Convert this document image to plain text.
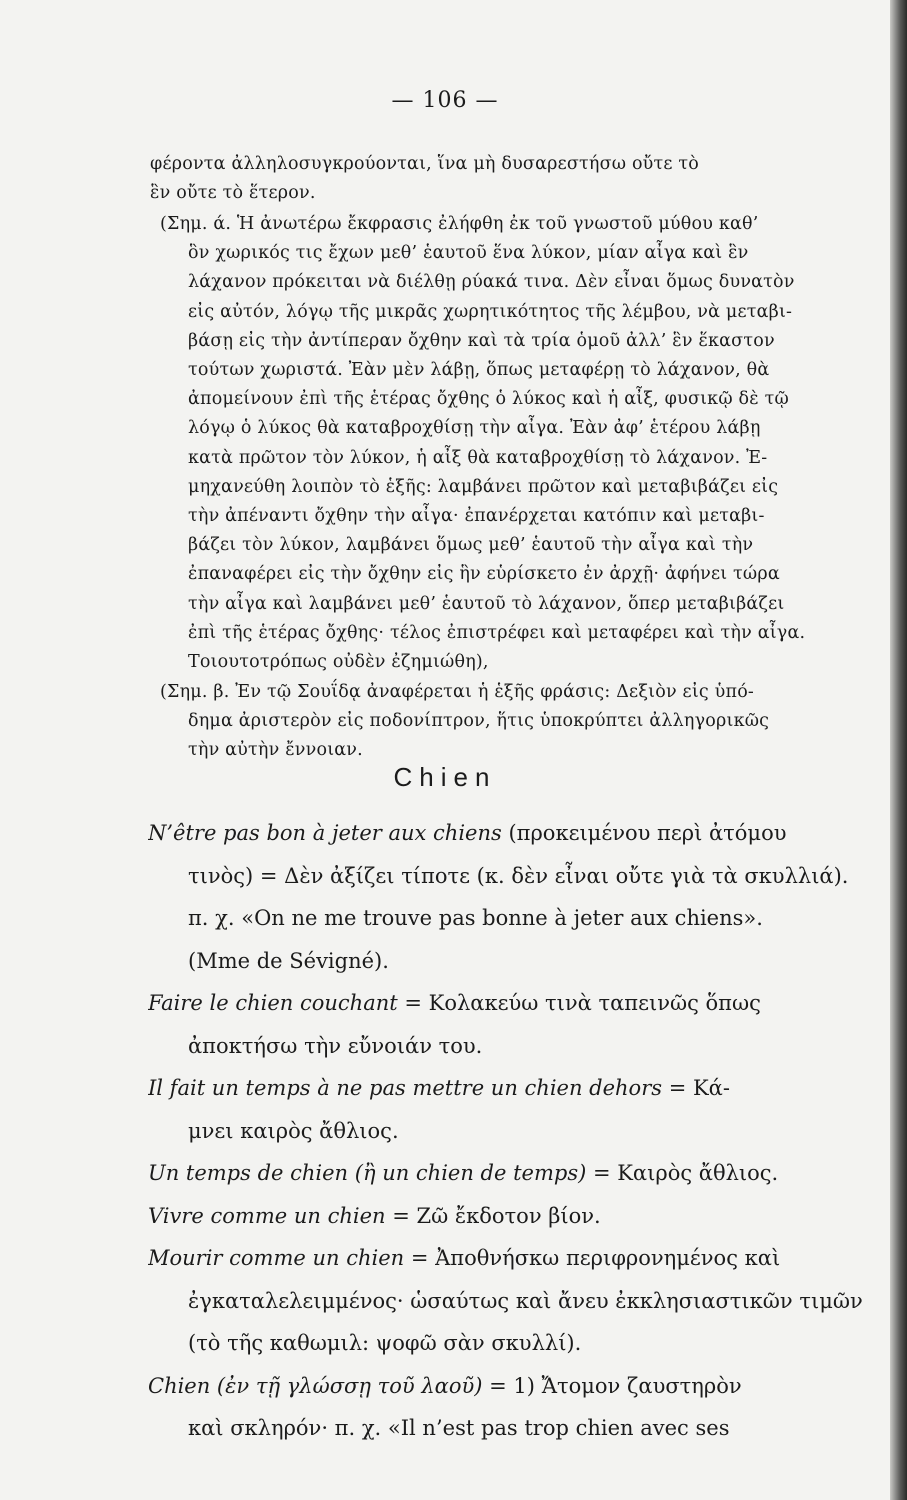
— 106 —
φέροντα ἀλληλοσυγκρούονται, ἵνα μὴ δυσαρεστήσω οὔτε τὸ
ἓν οὔτε τὸ ἕτερον.
(Σημ. ά. Ἡ ἀνωτέρω ἔκφρασις ἐλήφθη ἐκ τοῦ γνωστοῦ μύθου καθ’
ὃν χωρικός τις ἔχων μεθ’ ἑαυτοῦ ἕνα λύκον, μίαν αἶγα καὶ ἓν
λάχανον πρόκειται νὰ διέλθῃ ρύακά τινα. Δὲν εἶναι ὅμως δυνατὸν
εἰς αὐτόν, λόγῳ τῆς μικρᾶς χωρητικότητος τῆς λέμβου, νὰ μεταβι-
βάσῃ εἰς τὴν ἀντίπεραν ὄχθην καὶ τὰ τρία ὁμοῦ ἀλλ’ ἓν ἕκαστον
τούτων χωριστά. Ἐὰν μὲν λάβῃ, ὅπως μεταφέρῃ τὸ λάχανον, θὰ
ἀπομείνουν ἐπὶ τῆς ἑτέρας ὄχθης ὁ λύκος καὶ ἡ αἶξ, φυσικῷ δὲ τῷ
λόγῳ ὁ λύκος θὰ καταβροχθίσῃ τὴν αἶγα. Ἐὰν ἀφ’ ἑτέρου λάβῃ
κατὰ πρῶτον τὸν λύκον, ἡ αἶξ θὰ καταβροχθίσῃ τὸ λάχανον. Ἐ-
μηχανεύθη λοιπὸν τὸ ἑξῆς: λαμβάνει πρῶτον καὶ μεταβιβάζει εἰς
τὴν ἀπέναντι ὄχθην τὴν αἶγα· ἐπανέρχεται κατόπιν καὶ μεταβι-
βάζει τὸν λύκον, λαμβάνει ὅμως μεθ’ ἑαυτοῦ τὴν αἶγα καὶ τὴν
ἐπαναφέρει εἰς τὴν ὄχθην εἰς ἣν εὑρίσκετο ἐν ἀρχῇ· ἀφήνει τώρα
τὴν αἶγα καὶ λαμβάνει μεθ’ ἑαυτοῦ τὸ λάχανον, ὅπερ μεταβιβάζει
ἐπὶ τῆς ἑτέρας ὄχθης· τέλος ἐπιστρέφει καὶ μεταφέρει καὶ τὴν αἶγα.
Τοιουτοτρόπως οὐδὲν ἐζημιώθη),
(Σημ. β. Ἐν τῷ Σουΐδᾳ ἀναφέρεται ἡ ἑξῆς φράσις: Δεξιὸν εἰς ὑπό-
δημα ἀριστερὸν εἰς ποδονίπτρον, ἥτις ὑποκρύπτει ἀλληγορικῶς
τὴν αὐτὴν ἔννοιαν.
Chien
N’être pas bon à jeter aux chiens (προκειμένου περὶ ἀτόμου
τινὸς) = Δὲν ἀξίζει τίποτε (κ. δὲν εἶναι οὔτε γιὰ τὰ σκυλλιά).
π. χ. «On ne me trouve pas bonne à jeter aux chiens».
(Mme de Sévigné).
Faire le chien couchant = Κολακεύω τινὰ ταπεινῶς ὅπως
ἀποκτήσω τὴν εὔνοιάν του.
Il fait un temps à ne pas mettre un chien dehors = Κά-
μνει καιρὸς ἄθλιος.
Un temps de chien (ἢ un chien de temps) = Καιρὸς ἄθλιος.
Vivre comme un chien = Ζῶ ἔκδοτον βίον.
Mourir comme un chien = Ἀποθνήσκω περιφρονημένος καὶ
ἐγκαταλελειμμένος· ὡσαύτως καὶ ἄνευ ἐκκλησιαστικῶν τιμῶν
(τὸ τῆς καθωμιλ: ψοφῶ σὰν σκυλλί).
Chien (ἐν τῇ γλώσσῃ τοῦ λαοῦ) = 1) Ἄτομον ζαυστηρὸν
καὶ σκληρόν· π. χ. «Il n’est pas trop chien avec ses
